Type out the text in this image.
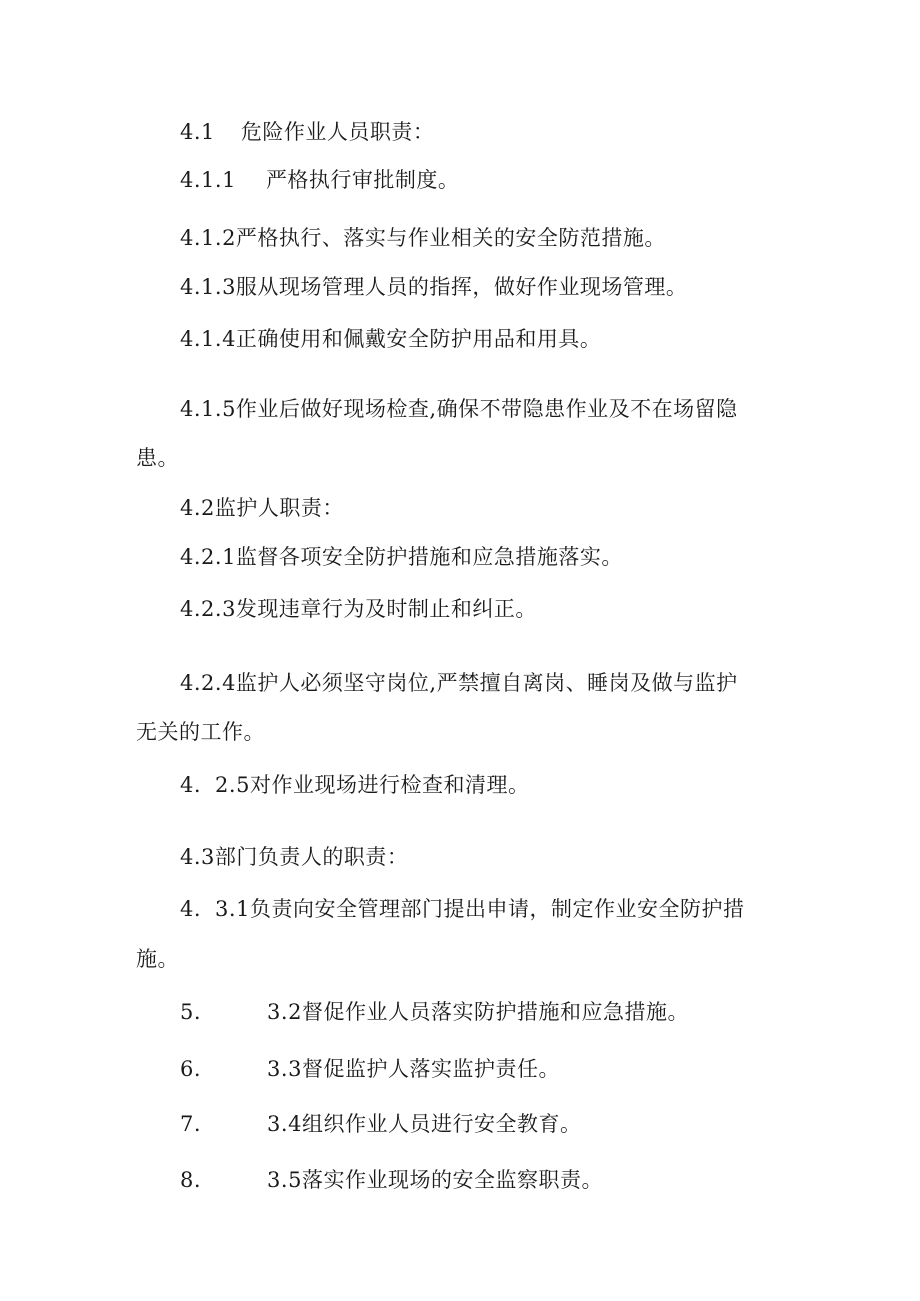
4.1 危险作业人员职责：
4.1.1 严格执行审批制度。
4.1.2严格执行、落实与作业相关的安全防范措施。
4.1.3服从现场管理人员的指挥，做好作业现场管理。
4.1.4正确使用和佩戴安全防护用品和用具。
4.1.5作业后做好现场检查,确保不带隐患作业及不在场留隐
患。
4.2监护人职责：
4.2.1监督各项安全防护措施和应急措施落实。
4.2.3发现违章行为及时制止和纠正。
4.2.4监护人必须坚守岗位,严禁擅自离岗、睡岗及做与监护
无关的工作。
4. 2.5对作业现场进行检查和清理。
4.3部门负责人的职责：
4. 3.1负责向安全管理部门提出申请，制定作业安全防护措
施。
5.	3.2督促作业人员落实防护措施和应急措施。
6.	3.3督促监护人落实监护责任。
7.	3.4组织作业人员进行安全教育。
8.	3.5落实作业现场的安全监察职责。
